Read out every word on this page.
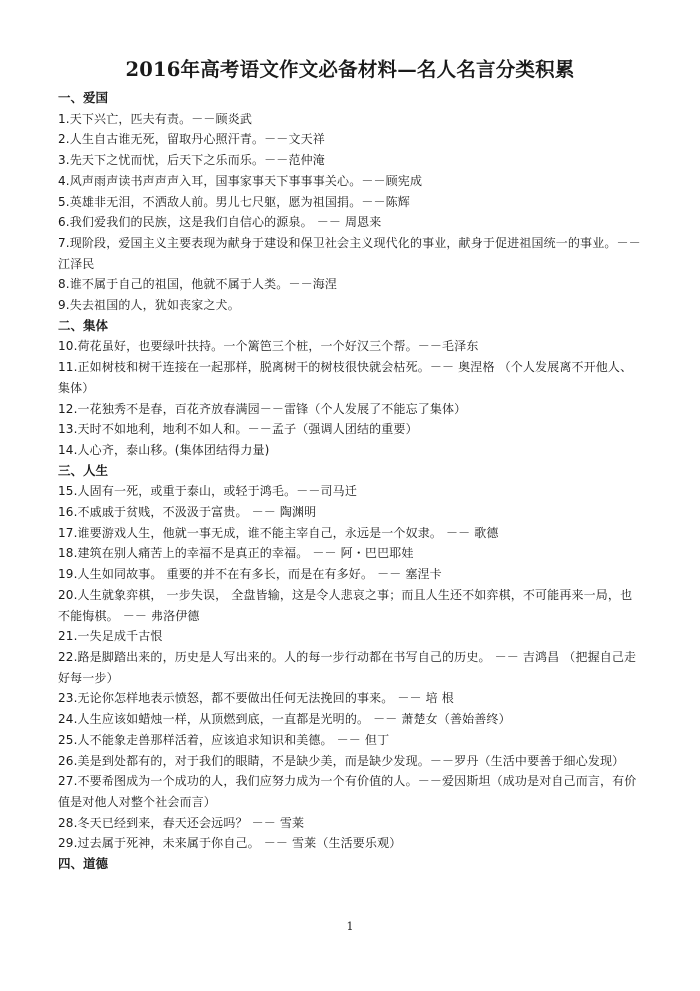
2016年高考语文作文必备材料—名人名言分类积累
一、爱国
1.天下兴亡，匹夫有责。－－顾炎武
2.人生自古谁无死，留取丹心照汗青。－－文天祥
3.先天下之忧而忧，后天下之乐而乐。－－范仲淹
4.风声雨声读书声声声入耳，国事家事天下事事事关心。－－顾宪成
5.英雄非无泪，不洒敌人前。男儿七尺躯，愿为祖国捐。－－陈辉
6.我们爱我们的民族，这是我们自信心的源泉。 －－ 周恩来
7.现阶段，爱国主义主要表现为献身于建设和保卫社会主义现代化的事业，献身于促进祖国统一的事业。－－江泽民
8.谁不属于自己的祖国，他就不属于人类。－－海涅
9.失去祖国的人，犹如丧家之犬。
二、集体
10.荷花虽好，也要绿叶扶持。一个篱笆三个桩，一个好汉三个帮。－－毛泽东
11.正如树枝和树干连接在一起那样，脱离树干的树枝很快就会枯死。－－ 奥涅格 （个人发展离不开他人、集体）
12.一花独秀不是春，百花齐放春满园－－雷锋（个人发展了不能忘了集体）
13.天时不如地利，地利不如人和。－－孟子（强调人团结的重要）
14.人心齐，泰山移。(集体团结得力量)
三、人生
15.人固有一死，或重于泰山，或轻于鸿毛。－－司马迁
16.不戚戚于贫贱，不汲汲于富贵。 －－ 陶渊明
17.谁要游戏人生，他就一事无成，谁不能主宰自己，永远是一个奴隶。 －－ 歌德
18.建筑在别人痛苦上的幸福不是真正的幸福。 －－ 阿・巴巴耶娃
19.人生如同故事。 重要的并不在有多长，而是在有多好。 －－ 塞涅卡
20.人生就象弈棋， 一步失误， 全盘皆输，这是令人悲哀之事；而且人生还不如弈棋，不可能再来一局，也不能悔棋。 －－ 弗洛伊德
21.一失足成千古恨
22.路是脚踏出来的，历史是人写出来的。人的每一步行动都在书写自己的历史。 －－ 吉鸿昌 （把握自己走好每一步）
23.无论你怎样地表示愤怒，都不要做出任何无法挽回的事来。 －－ 培 根
24.人生应该如蜡烛一样，从顶燃到底，一直都是光明的。 －－ 萧楚女（善始善终）
25.人不能象走兽那样活着，应该追求知识和美德。 －－ 但丁
26.美是到处都有的，对于我们的眼睛，不是缺少美，而是缺少发现。－－罗丹（生活中要善于细心发现）
27.不要希图成为一个成功的人，我们应努力成为一个有价值的人。－－爱因斯坦（成功是对自己而言，有价值是对他人对整个社会而言）
28.冬天已经到来，春天还会远吗？ －－ 雪莱
29.过去属于死神，未来属于你自己。 －－ 雪莱（生活要乐观）
四、道德
1
